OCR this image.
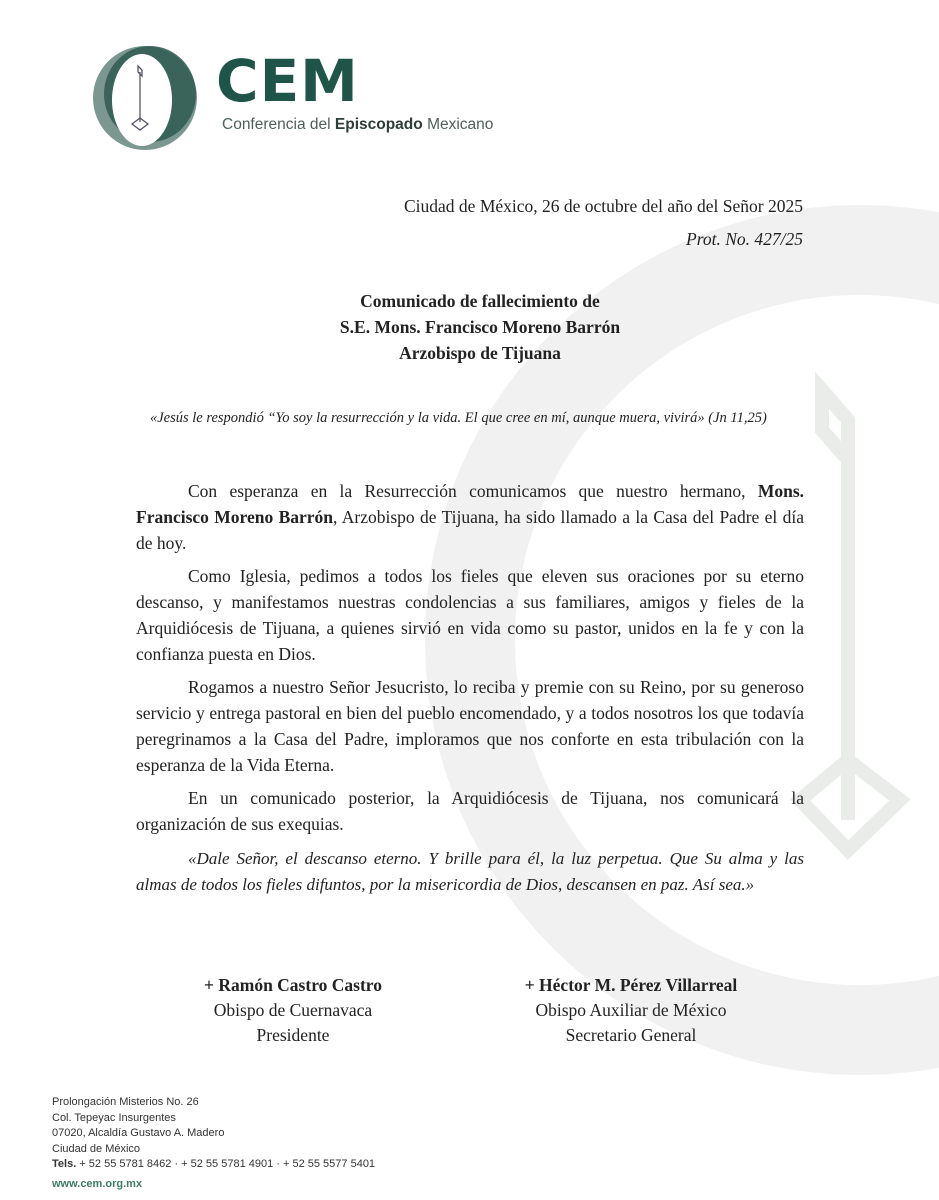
CEM
Conferencia del Episcopado Mexicano
Ciudad de México, 26 de octubre del año del Señor 2025
Prot. No. 427/25
Comunicado de fallecimiento de
S.E. Mons. Francisco Moreno Barrón
Arzobispo de Tijuana
«Jesús le respondió “Yo soy la resurrección y la vida. El que cree en mí, aunque muera, vivirá» (Jn 11,25)

Con esperanza en la Resurrección comunicamos que nuestro hermano, Mons. Francisco Moreno Barrón, Arzobispo de Tijuana, ha sido llamado a la Casa del Padre el día de hoy.

Como Iglesia, pedimos a todos los fieles que eleven sus oraciones por su eterno descanso, y manifestamos nuestras condolencias a sus familiares, amigos y fieles de la Arquidiócesis de Tijuana, a quienes sirvió en vida como su pastor, unidos en la fe y con la confianza puesta en Dios.

Rogamos a nuestro Señor Jesucristo, lo reciba y premie con su Reino, por su generoso servicio y entrega pastoral en bien del pueblo encomendado, y a todos nosotros los que todavía peregrinamos a la Casa del Padre, imploramos que nos conforte en esta tribulación con la esperanza de la Vida Eterna.

En un comunicado posterior, la Arquidiócesis de Tijuana, nos comunicará la organización de sus exequias.

«Dale Señor, el descanso eterno. Y brille para él, la luz perpetua. Que Su alma y las almas de todos los fieles difuntos, por la misericordia de Dios, descansen en paz. Así sea.»
+ Ramón Castro Castro
Obispo de Cuernavaca
Presidente
+ Héctor M. Pérez Villarreal
Obispo Auxiliar de México
Secretario General
Prolongación Misterios No. 26
Col. Tepeyac Insurgentes
07020, Alcaldía Gustavo A. Madero
Ciudad de México
Tels. + 52 55 5781 8462 · + 52 55 5781 4901 · + 52 55 5577 5401
www.cem.org.mx
